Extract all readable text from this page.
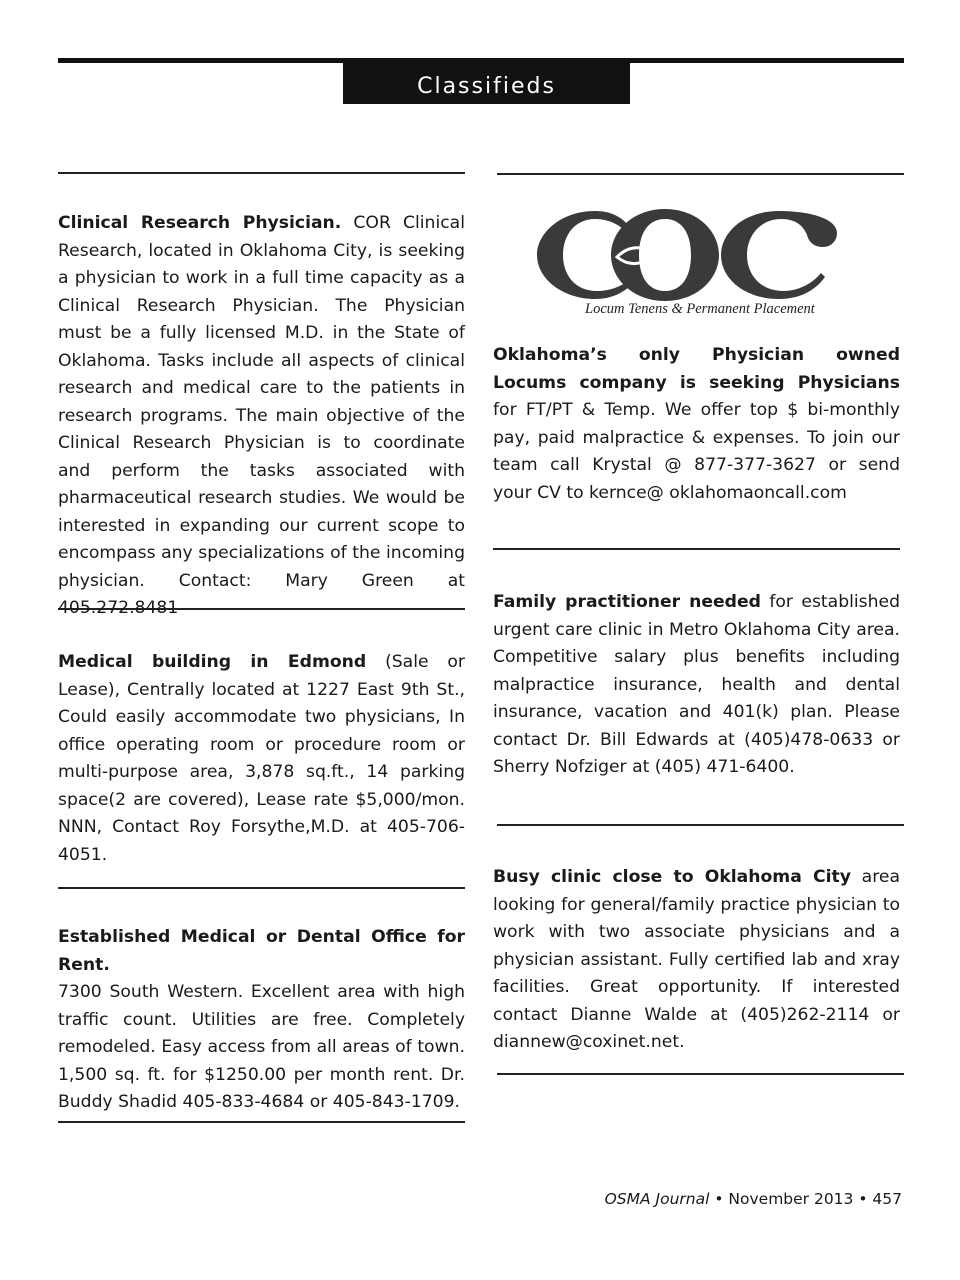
Classifieds
Clinical Research Physician. COR Clinical Research, located in Oklahoma City, is seeking a physician to work in a full time capacity as a Clinical Research Physician. The Physician must be a fully licensed M.D. in the State of Oklahoma. Tasks include all aspects of clinical research and medical care to the patients in research programs. The main objective of the Clinical Research Physician is to coordinate and perform the tasks associated with pharmaceutical research studies. We would be interested in expanding our current scope to encompass any specializations of the incoming physician. Contact: Mary Green at 405.272.8481
Medical building in Edmond (Sale or Lease), Centrally located at 1227 East 9th St., Could easily accommodate two physicians, In office operating room or procedure room or multi-purpose area, 3,878 sq.ft., 14 parking space(2 are covered), Lease rate $5,000/mon. NNN, Contact Roy Forsythe,M.D. at 405-706-4051.
Established Medical or Dental Office for Rent.
7300 South Western. Excellent area with high traffic count. Utilities are free. Completely remodeled. Easy access from all areas of town. 1,500 sq. ft. for $1250.00 per month rent. Dr. Buddy Shadid 405-833-4684 or 405-843-1709.
Locum Tenens & Permanent Placement
Oklahoma’s only Physician owned Locums company is seeking Physicians for FT/PT & Temp. We offer top $ bi-monthly pay, paid malpractice & expenses. To join our team call Krystal @ 877-377-3627 or send your CV to kernce@ oklahomaoncall.com
Family practitioner needed for established urgent care clinic in Metro Oklahoma City area. Competitive salary plus benefits including malpractice insurance, health and dental insurance, vacation and 401(k) plan. Please contact Dr. Bill Edwards at (405)478-0633 or Sherry Nofziger at (405) 471-6400.
Busy clinic close to Oklahoma City area looking for general/family practice physician to work with two associate physicians and a physician assistant. Fully certified lab and xray facilities. Great opportunity. If interested contact Dianne Walde at (405)262-2114 or diannew@coxinet.net.
OSMA Journal • November 2013 • 457
